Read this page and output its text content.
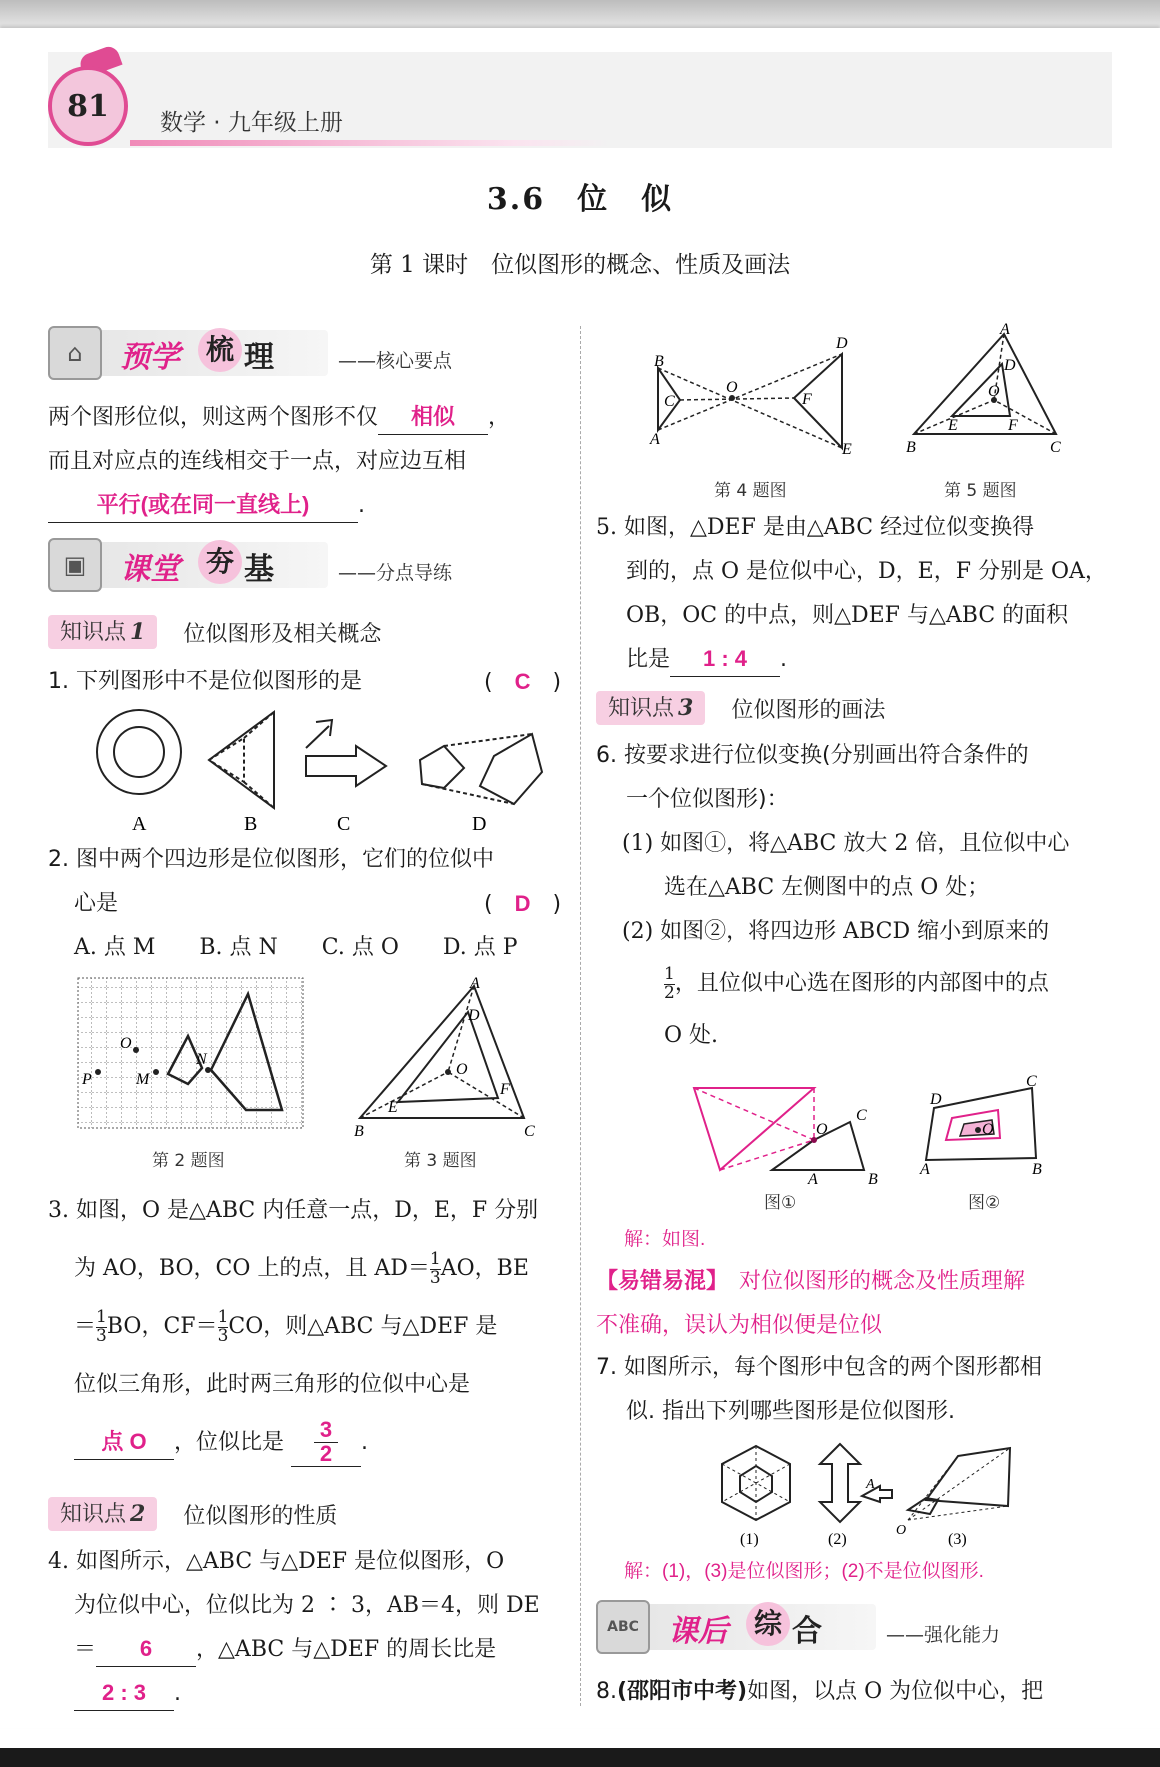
81 数学 · 九年级上册
3.6　位　似
第 1 课时　位似图形的概念、性质及画法
⌂	预学 梳 理	——核心要点
两个图形位似，则这两个图形不仅 相似 ，
而且对应点的连线相交于一点，对应边互相
平行(或在同一直线上) .
▣	课堂 夯 基	——分点导练
知识点 1	位似图形及相关概念
1. 下列图形中不是位似图形的是	(　C　)
A	B	C	D
2. 图中两个四边形是位似图形，它们的位似中
心是	(　D　)
A. 点 M　　B. 点 N　　C. 点 O　　D. 点 P
O
N
P	M
第 2 题图
A
D
O
B	C
E
F
第 3 题图
3. 如图，O 是△ABC 内任意一点，D，E，F 分别
为 AO，BO，CO 上的点，且 $AD= \frac{1}{3}$ AO，BE
＝ $\frac{1}{3}$ BO，$CF= \frac{1}{3}$ CO，则△ABC 与△DEF 是
位似三角形，此时两三角形的位似中心是
点 O ，位似比是 $\frac{3}{2}$ .
知识点 2	位似图形的性质
4. 如图所示，△ABC 与△DEF 是位似图形，O
为位似中心，位似比为 2 ∶ 3，AB＝4，则 DE
＝ 6 ，△ABC 与△DEF 的周长比是
2 : 3 .
B
C
A
O
F
D
E
第 4 题图
A
D
O
B
E	F
C
第 5 题图
5. 如图，△DEF 是由△ABC 经过位似变换得
到的，点 O 是位似中心，D，E，F 分别是 OA，
OB，OC 的中点，则△DEF 与△ABC 的面积
比是 1 : 4 .
知识点 3	位似图形的画法
6. 按要求进行位似变换(分别画出符合条件的
一个位似图形)：
(1) 如图①，将△ABC 放大 2 倍，且位似中心
选在△ABC 左侧图中的点 O 处；
(2) 如图②，将四边形 ABCD 缩小到原来的
$\frac{1}{2}$ ，且位似中心选在图形的内部图中的点
O 处.
O
C
A	B
D
C
O
A	B
图①	图②
解：如图.
【易错易混】　 对位似图形的概念及性质理解
不准确，误认为相似便是位似
7. 如图所示，每个图形中包含的两个图形都相
似. 指出下列哪些图形是位似图形.
A
O
(1)	(2)	(3)
解：(1)，(3)是位似图形；(2)不是位似图形.
ABC 课后 综 合	——强化能力
8.(邵阳市中考)如图，以点 O 为位似中心，把
